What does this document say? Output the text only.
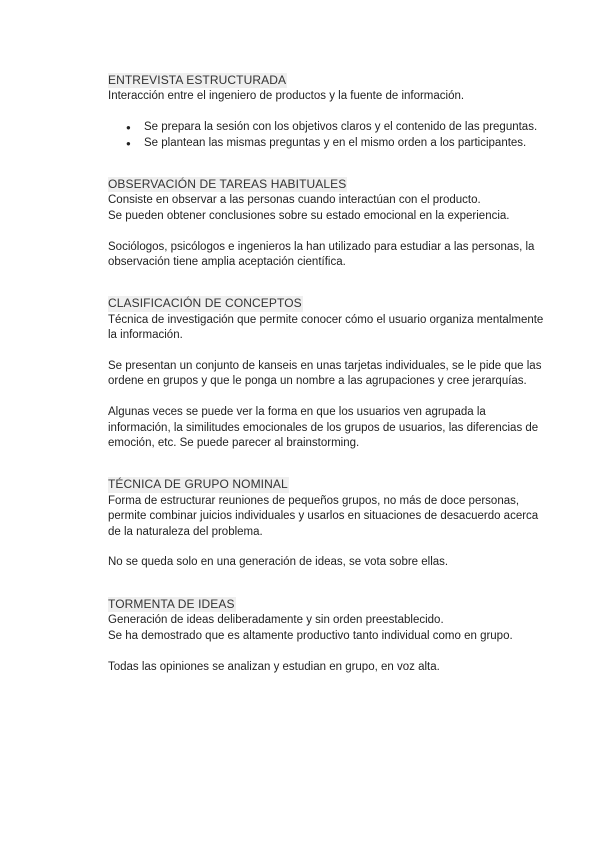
ENTREVISTA ESTRUCTURADA

Interacción entre el ingeniero de productos y la fuente de información.

● Se prepara la sesión con los objetivos claros y el contenido de las preguntas.
● Se plantean las mismas preguntas y en el mismo orden a los participantes.
OBSERVACIÓN DE TAREAS HABITUALES

Consiste en observar a las personas cuando interactúan con el producto.

Se pueden obtener conclusiones sobre su estado emocional en la experiencia.

Sociólogos, psicólogos e ingenieros la han utilizado para estudiar a las personas, la observación tiene amplia aceptación científica.

CLASIFICACIÓN DE CONCEPTOS

Técnica de investigación que permite conocer cómo el usuario organiza mentalmente la información.

Se presentan un conjunto de kanseis en unas tarjetas individuales, se le pide que las ordene en grupos y que le ponga un nombre a las agrupaciones y cree jerarquías.

Algunas veces se puede ver la forma en que los usuarios ven agrupada la información, la similitudes emocionales de los grupos de usuarios, las diferencias de emoción, etc. Se puede parecer al brainstorming.

TÉCNICA DE GRUPO NOMINAL

Forma de estructurar reuniones de pequeños grupos, no más de doce personas, permite combinar juicios individuales y usarlos en situaciones de desacuerdo acerca de la naturaleza del problema.

No se queda solo en una generación de ideas, se vota sobre ellas.

TORMENTA DE IDEAS

Generación de ideas deliberadamente y sin orden preestablecido.

Se ha demostrado que es altamente productivo tanto individual como en grupo.

Todas las opiniones se analizan y estudian en grupo, en voz alta.
